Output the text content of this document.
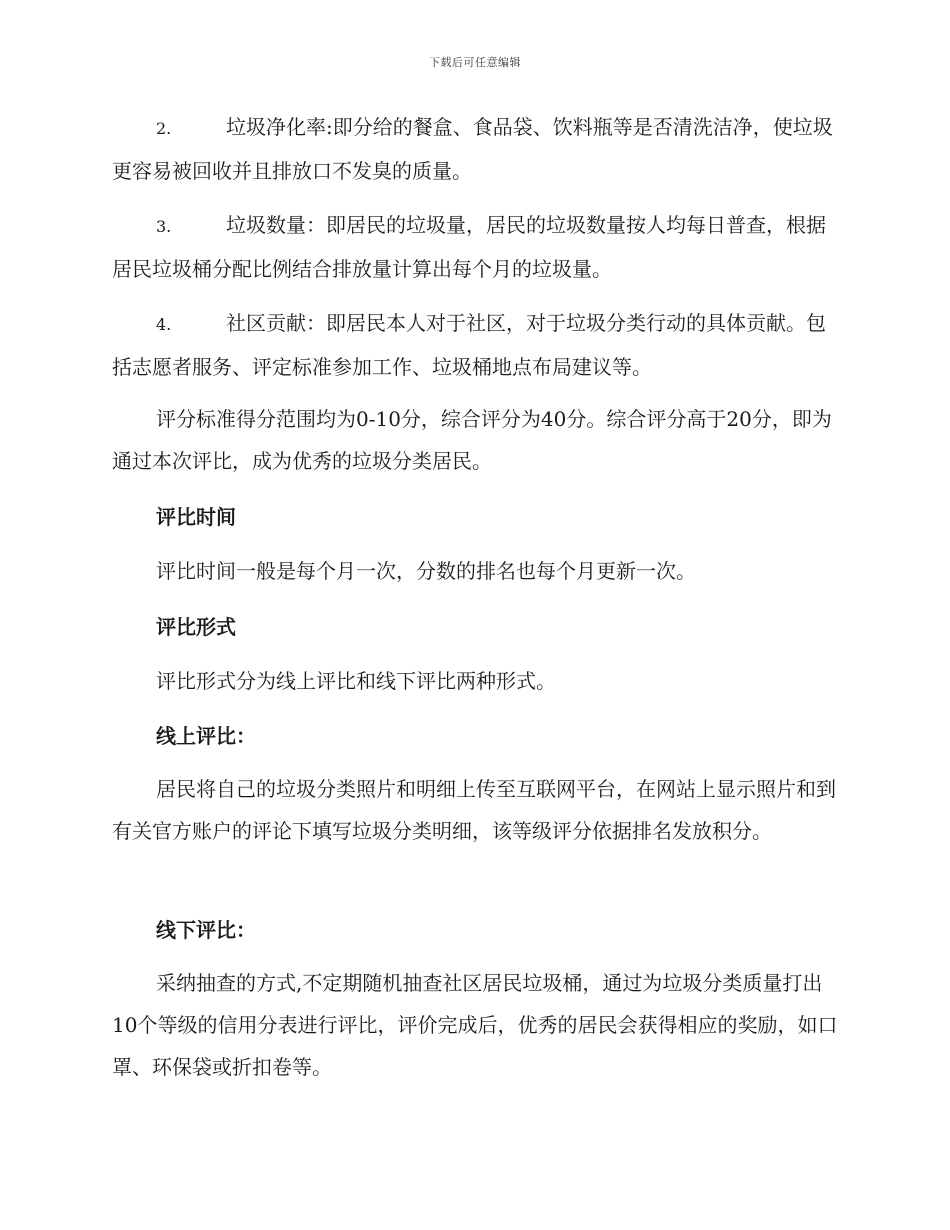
下载后可任意编辑

2.	垃圾净化率:即分给的餐盒、食品袋、饮料瓶等是否清洗洁净，使垃圾更容易被回收并且排放口不发臭的质量。

3.	垃圾数量：即居民的垃圾量，居民的垃圾数量按人均每日普查，根据居民垃圾桶分配比例结合排放量计算出每个月的垃圾量。

4.	社区贡献：即居民本人对于社区，对于垃圾分类行动的具体贡献。包括志愿者服务、评定标准参加工作、垃圾桶地点布局建议等。

评分标准得分范围均为0-10分，综合评分为40分。综合评分高于20分，即为通过本次评比，成为优秀的垃圾分类居民。

评比时间

评比时间一般是每个月一次，分数的排名也每个月更新一次。

评比形式

评比形式分为线上评比和线下评比两种形式。

线上评比：

居民将自己的垃圾分类照片和明细上传至互联网平台，在网站上显示照片和到有关官方账户的评论下填写垃圾分类明细，该等级评分依据排名发放积分。

线下评比：

采纳抽查的方式,不定期随机抽查社区居民垃圾桶，通过为垃圾分类质量打出10个等级的信用分表进行评比，评价完成后，优秀的居民会获得相应的奖励，如口罩、环保袋或折扣卷等。
